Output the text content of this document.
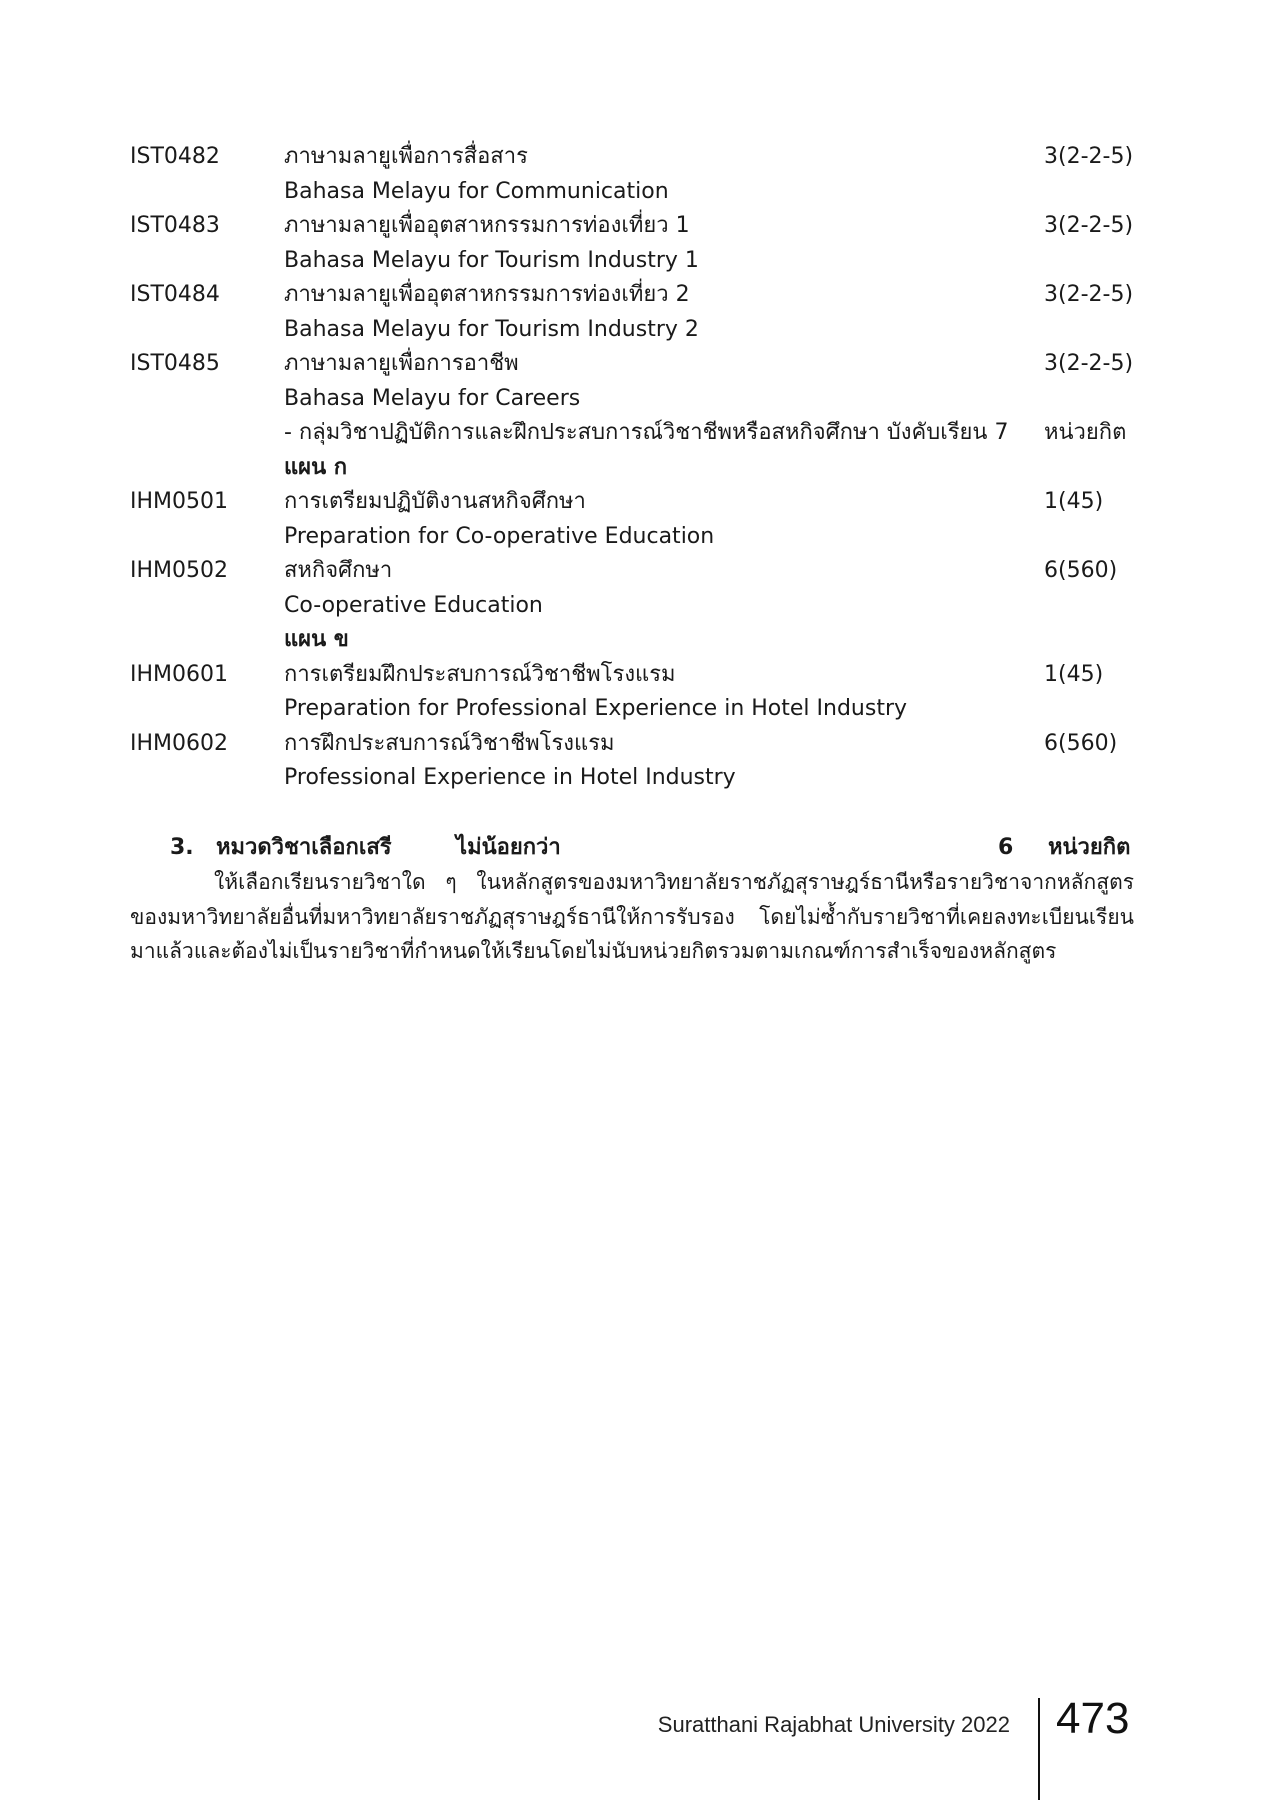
IST0482	ภาษามลายูเพื่อการสื่อสาร	3(2-2-5)
Bahasa Melayu for Communication
IST0483	ภาษามลายูเพื่ออุตสาหกรรมการท่องเที่ยว 1	3(2-2-5)
Bahasa Melayu for Tourism Industry 1
IST0484	ภาษามลายูเพื่ออุตสาหกรรมการท่องเที่ยว 2	3(2-2-5)
Bahasa Melayu for Tourism Industry 2
IST0485	ภาษามลายูเพื่อการอาชีพ	3(2-2-5)
Bahasa Melayu for Careers
- กลุ่มวิชาปฏิบัติการและฝึกประสบการณ์วิชาชีพหรือสหกิจศึกษา บังคับเรียน 7	หน่วยกิต
แผน ก
IHM0501	การเตรียมปฏิบัติงานสหกิจศึกษา	1(45)
Preparation for Co-operative Education
IHM0502	สหกิจศึกษา	6(560)
Co-operative Education
แผน ข
IHM0601	การเตรียมฝึกประสบการณ์วิชาชีพโรงแรม	1(45)
Preparation for Professional Experience in Hotel Industry
IHM0602	การฝึกประสบการณ์วิชาชีพโรงแรม	6(560)
Professional Experience in Hotel Industry
3.	หมวดวิชาเลือกเสรี	ไม่น้อยกว่า	6	หน่วยกิต

ให้เลือกเรียนรายวิชาใด ๆ ในหลักสูตรของมหาวิทยาลัยราชภัฏสุราษฎร์ธานีหรือรายวิชาจากหลักสูตรของมหาวิทยาลัยอื่นที่มหาวิทยาลัยราชภัฏสุราษฎร์ธานีให้การรับรอง โดยไม่ซ้ำกับรายวิชาที่เคยลงทะเบียนเรียนมาแล้วและต้องไม่เป็นรายวิชาที่กำหนดให้เรียนโดยไม่นับหน่วยกิตรวมตามเกณฑ์การสำเร็จของหลักสูตร

Suratthani Rajabhat University 2022 473
